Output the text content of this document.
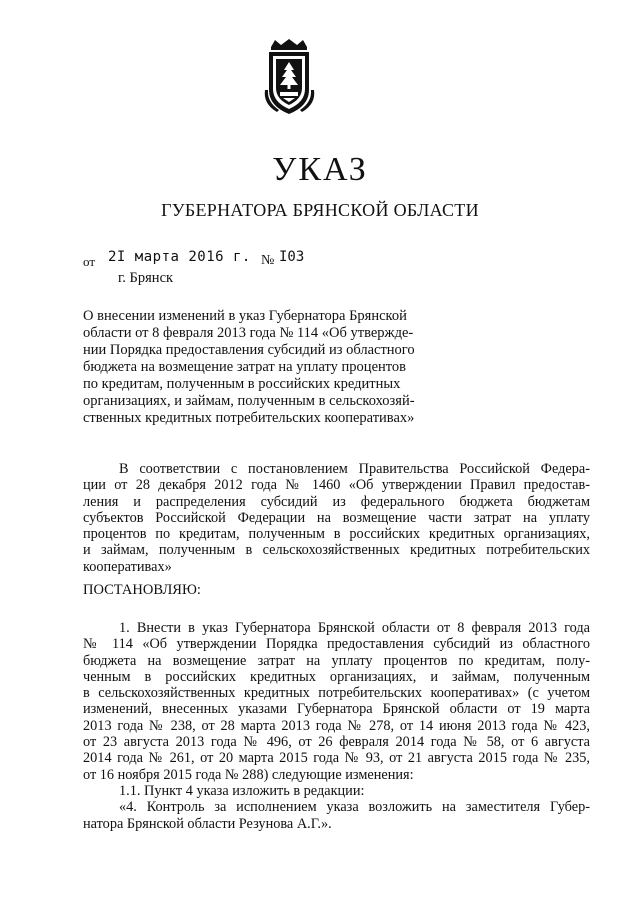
УКАЗ
ГУБЕРНАТОРА БРЯНСКОЙ ОБЛАСТИ
от 2I марта 2016 г. № I03
г. Брянск
О внесении изменений в указ Губернатора Брянской
области от 8 февраля 2013 года № 114 «Об утвержде-
нии Порядка предоставления субсидий из областного
бюджета на возмещение затрат на уплату процентов
по кредитам, полученным в российских кредитных
организациях, и займам, полученным в сельскохозяй-
ственных кредитных потребительских кооперативах»
В соответствии с постановлением Правительства Российской Федера-
ции от 28 декабря 2012 года № 1460 «Об утверждении Правил предостав-
ления и распределения субсидий из федерального бюджета бюджетам
субъектов Российской Федерации на возмещение части затрат на уплату
процентов по кредитам, полученным в российских кредитных организациях,
и займам, полученным в сельскохозяйственных кредитных потребительских
кооперативах»
ПОСТАНОВЛЯЮ:
1. Внести в указ Губернатора Брянской области от 8 февраля 2013 года
№ 114 «Об утверждении Порядка предоставления субсидий из областного
бюджета на возмещение затрат на уплату процентов по кредитам, полу-
ченным в российских кредитных организациях, и займам, полученным
в сельскохозяйственных кредитных потребительских кооперативах» (с учетом
изменений, внесенных указами Губернатора Брянской области от 19 марта
2013 года № 238, от 28 марта 2013 года № 278, от 14 июня 2013 года № 423,
от 23 августа 2013 года № 496, от 26 февраля 2014 года № 58, от 6 августа
2014 года № 261, от 20 марта 2015 года № 93, от 21 августа 2015 года № 235,
от 16 ноября 2015 года № 288) следующие изменения:
1.1. Пункт 4 указа изложить в редакции:
«4. Контроль за исполнением указа возложить на заместителя Губер-
натора Брянской области Резунова А.Г.».
